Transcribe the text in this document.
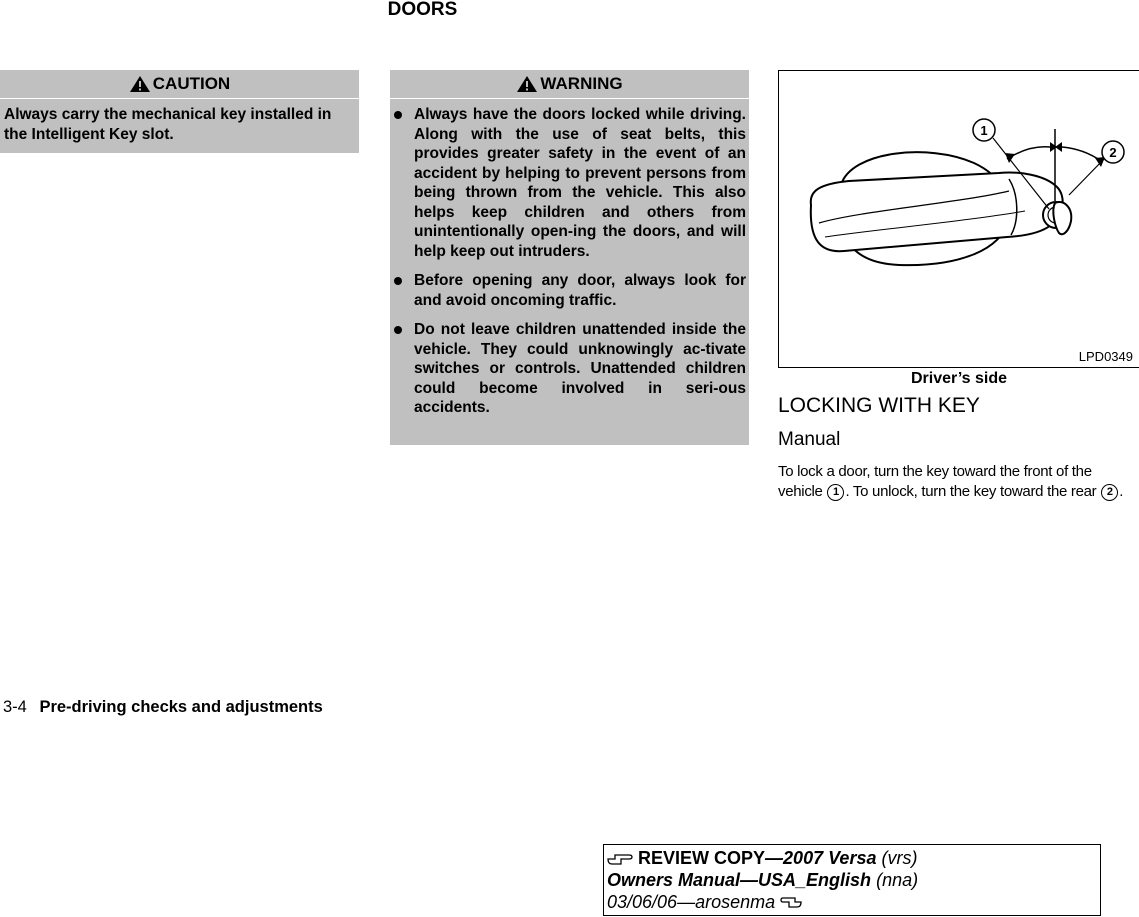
DOORS
CAUTION
Always carry the mechanical key installed in the Intelligent Key slot.
WARNING
Always have the doors locked while driving. Along with the use of seat belts, this provides greater safety in the event of an accident by helping to prevent persons from being thrown from the vehicle. This also helps keep children and others from unintentionally open-ing the doors, and will help keep out intruders.
Before opening any door, always look for and avoid oncoming traffic.
Do not leave children unattended inside the vehicle. They could unknowingly ac-tivate switches or controls. Unattended children could become involved in seri-ous accidents.
1
2
LPD0349
Driver’s side
LOCKING WITH KEY
Manual
To lock a door, turn the key toward the front of the vehicle 1 . To unlock, turn the key toward the rear 2 .
3-4 Pre-driving checks and adjustments
REVIEW COPY—2007 Versa (vrs)
Owners Manual—USA_English (nna)
03/06/06—arosenma
